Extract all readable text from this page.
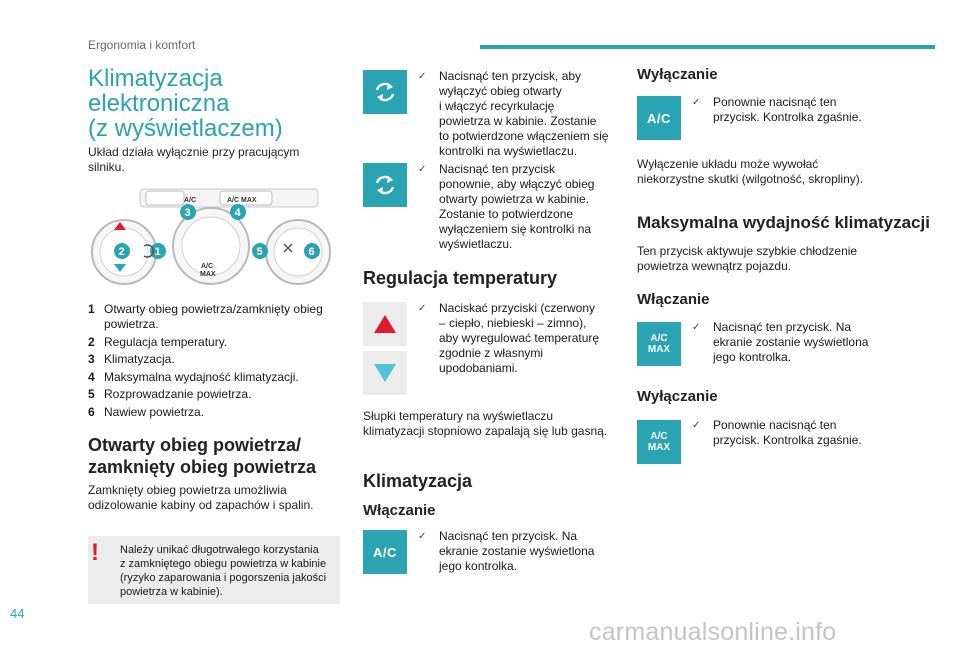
Ergonomia i komfort
Klimatyzacja
elektroniczna
(z wyświetlaczem)
Układ działa wyłącznie przy pracującym
silniku.
A/C	A/C MAX
A/C
MAX
1
2
3	4
5	6
1 Otwarty obieg powietrza/zamknięty obieg
powietrza.
2 Regulacja temperatury.
3 Klimatyzacja.
4 Maksymalna wydajność klimatyzacji.
5 Rozprowadzanie powietrza.
6 Nawiew powietrza.
Otwarty obieg powietrza/
zamknięty obieg powietrza
Zamknięty obieg powietrza umożliwia
odizolowanie kabiny od zapachów i spalin.
! Należy unikać długotrwałego korzystania
z zamkniętego obiegu powietrza w kabinie
(ryzyko zaparowania i pogorszenia jakości
powietrza w kabinie).
✓	Nacisnąć ten przycisk, aby
wyłączyć obieg otwarty
i włączyć recyrkulację
powietrza w kabinie. Zostanie
to potwierdzone włączeniem się
kontrolki na wyświetlaczu.
✓	Nacisnąć ten przycisk
ponownie, aby włączyć obieg
otwarty powietrza w kabinie.
Zostanie to potwierdzone
wyłączeniem się kontrolki na
wyświetlaczu.
Regulacja temperatury
✓	Naciskać przyciski (czerwony
– ciepło, niebieski – zimno),
aby wyregulować temperaturę
zgodnie z własnymi
upodobaniami.
Słupki temperatury na wyświetlaczu
klimatyzacji stopniowo zapalają się lub gasną.
Klimatyzacja
Włączanie
A/C
✓	Nacisnąć ten przycisk. Na
ekranie zostanie wyświetlona
jego kontrolka.
Wyłączanie
A/C
✓	Ponownie nacisnąć ten
przycisk. Kontrolka zgaśnie.
Wyłączenie układu może wywołać
niekorzystne skutki (wilgotność, skropliny).
Maksymalna wydajność klimatyzacji
Ten przycisk aktywuje szybkie chłodzenie
powietrza wewnątrz pojazdu.
Włączanie
A/C
MAX
✓	Nacisnąć ten przycisk. Na
ekranie zostanie wyświetlona
jego kontrolka.
Wyłączanie
A/C
MAX
✓	Ponownie nacisnąć ten
przycisk. Kontrolka zgaśnie.
44
carmanualsonline.info
